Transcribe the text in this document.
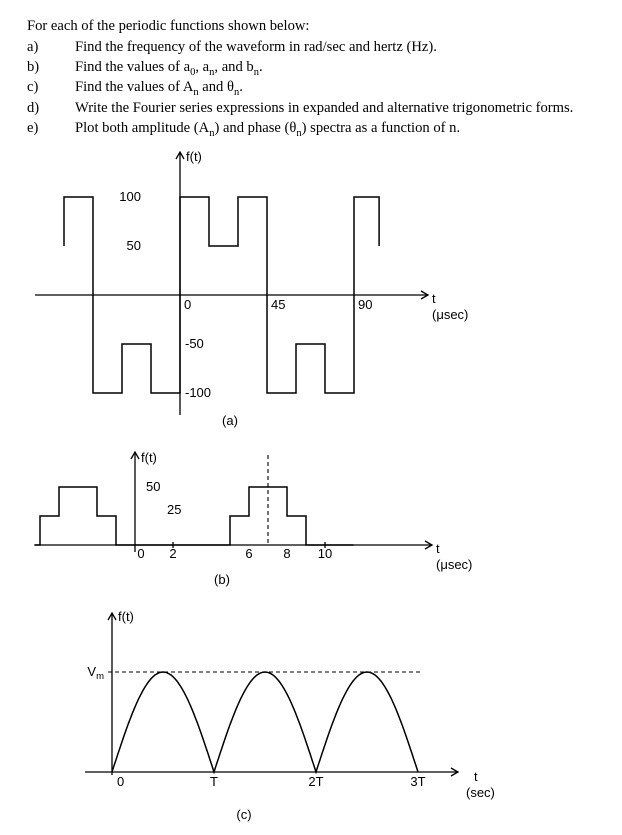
For each of the periodic functions shown below:

a)	Find the frequency of the waveform in rad/sec and hertz (Hz).
b) Find the values of $a_0$, $a_n$, and $b_n$.
c)	Find the values of $A_n$ and $\theta_n$.
d) Write the Fourier series expressions in expanded and alternative trigonometric forms.
e)	Plot both amplitude $(A_n)$ and phase $(\theta_n)$ spectra as a function of n.
100
50
-50
-100
0	45	90
f(t)
t
(μsec)
(a)
50
25
0 2	6 8 10
f(t)
t
(μsec)
(b)
$V_m$
0	T	2T	3T
f(t)
t
(sec)
(c)
